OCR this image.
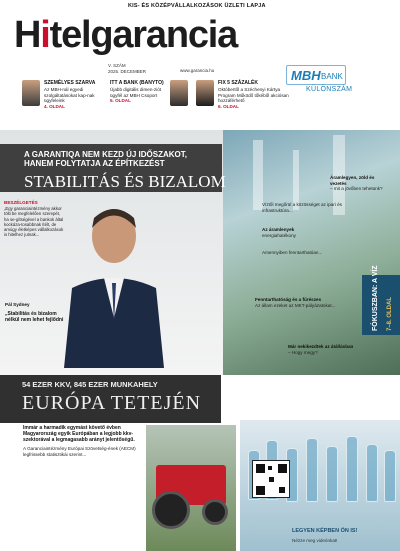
KIS- ÉS KÖZÉPVÁLLALKOZÁSOK ÜZLETI LAPJA
Hitelgarancia
V. SZÁM
2025. DECEMBER	www.garancia.hu	MBH BANK
KÜLÖNSZÁM
SZEMÉLYES SZARVA
Az MBH-nál egyedi szolgáltatásokat kap-nak ügyfeleink
4. OLDAL
ITT A BANK (BANYTO)
Újabb digitális dimen-ziót ügyfél az MBH Csoport
5. OLDAL
FIX 5 SZÁZALÉK
Októbertől a Széchenyi Kártya Program Működő tőkéből akciósan hozzáférhető
6. OLDAL
A GARANTIQA NEM KEZD ÚJ IDŐSZAKOT,
HANEM FOLYTATJA AZ ÉPÍTKEZÉST
STABILITÁS ÉS BIZALOM
BESZÉLGETÉS

„Egy garanciaintézmény akkor tölti be megfelelően szerepét, ha se-gítségével a bankok által kockáza-tosabbnak ítélt, de amúgy életképes vállalkozások is hitelhez jutnak...

Pál Sydney
„Stabilitás és bizalom nélkül nem lehet fejlődni
Áramlegyen, zöld és vezetés
– mit a jövőben tehetünk?
Víztől megőrül a közösséget az ipari és infrastruktúra...
Az áramlenyek
energiahatékony
Amennyiben fenntarthatóan...
Fenntarthatóság és a fűrészes
Az állam ezeket az MKT-pályázatokat...
Már nekikezdtek az átállásban
– Hogy megy?
FÓKUSZBAN: A VÍZ 7–8. OLDAL
54 EZER KKV, 845 EZER MUNKAHELY
EURÓPA TETEJÉN
Immár a harmadik egymást követő évben Magyarország egyik Európában a legjobb kkv-szektorával a legmagasabb arányt jelentőségű.
A Garanciaintézmény Európai Szövetség-ének (AECM) legfrissebb statisztikái szerint...
LEGYEN KÉPBEN ÖN IS!
Nézze meg videónkat!
